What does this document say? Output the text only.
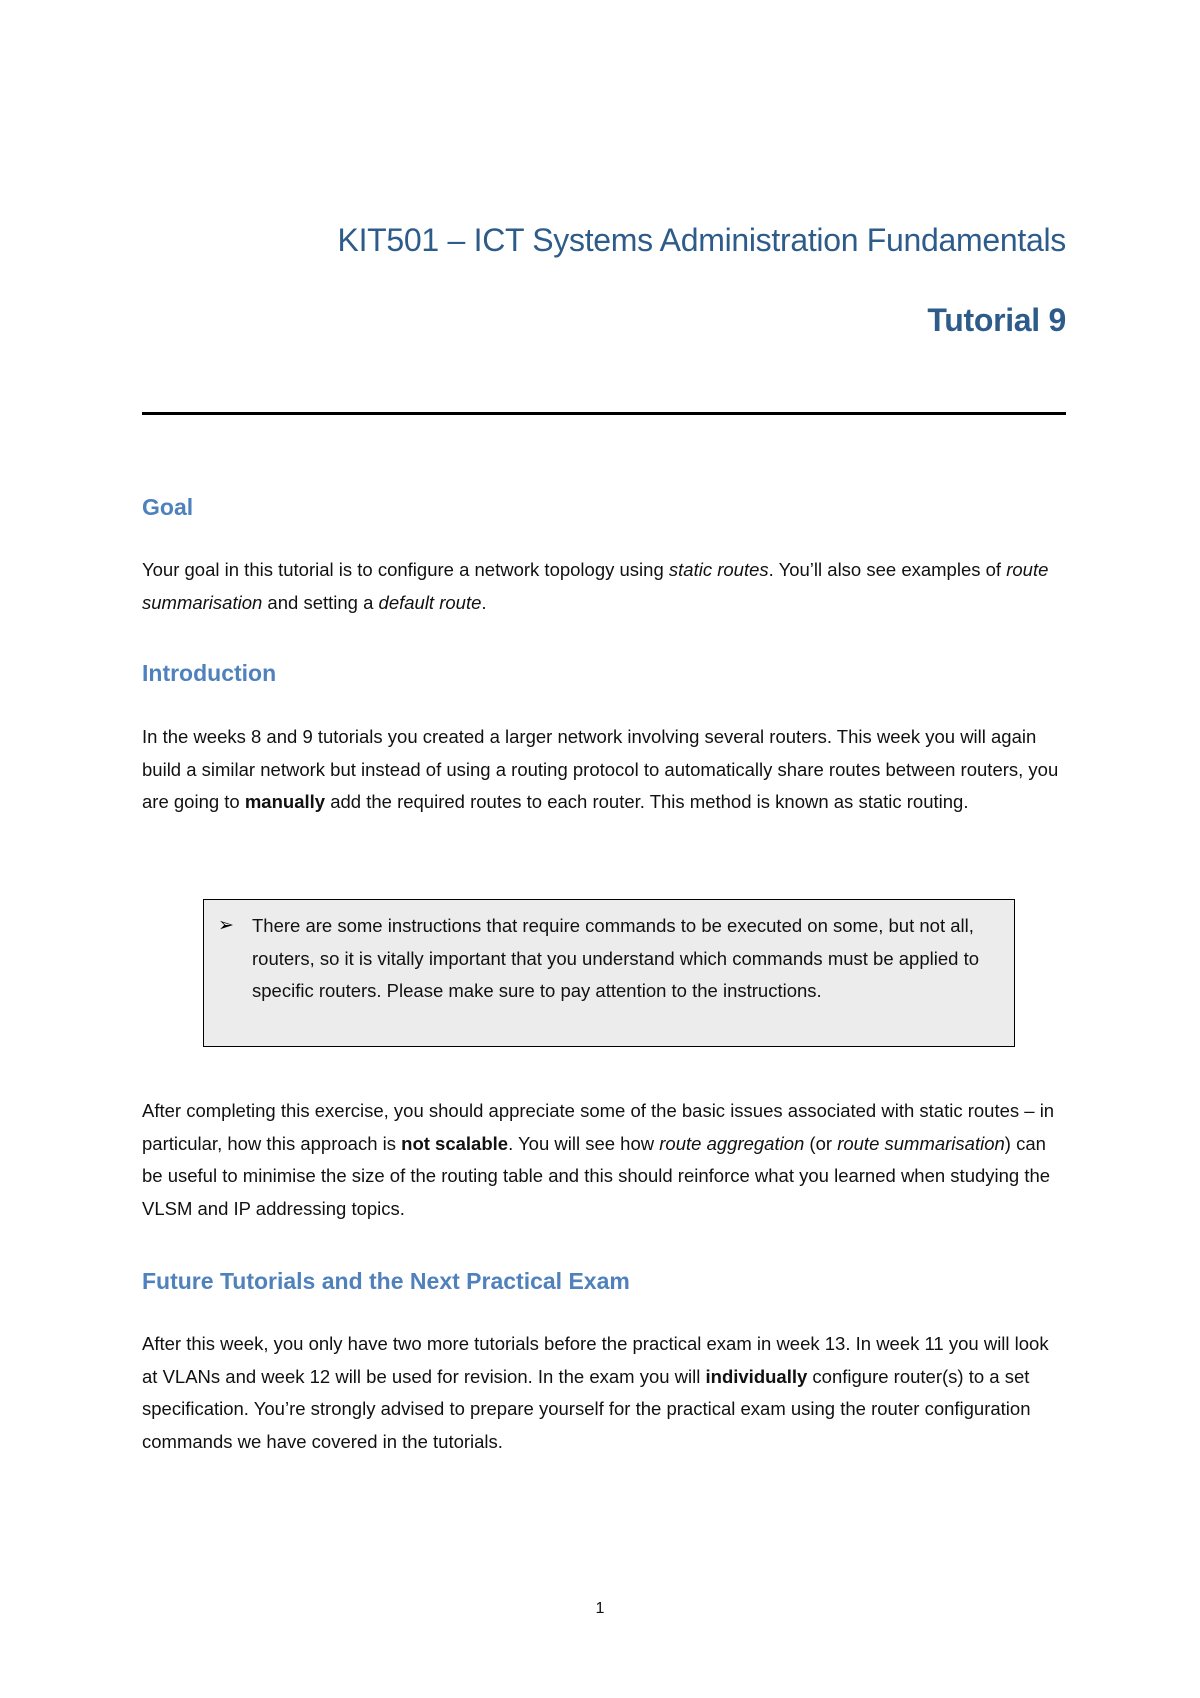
KIT501 – ICT Systems Administration Fundamentals
Tutorial 9
Goal

Your goal in this tutorial is to configure a network topology using static routes. You’ll also see examples of route summarisation and setting a default route.

Introduction

In the weeks 8 and 9 tutorials you created a larger network involving several routers. This week you will again build a similar network but instead of using a routing protocol to automatically share routes between routers, you are going to manually add the required routes to each router. This method is known as static routing.

➢ There are some instructions that require commands to be executed on some, but not all, routers, so it is vitally important that you understand which commands must be applied to specific routers. Please make sure to pay attention to the instructions.

After completing this exercise, you should appreciate some of the basic issues associated with static routes – in particular, how this approach is not scalable. You will see how route aggregation (or route summarisation) can be useful to minimise the size of the routing table and this should reinforce what you learned when studying the VLSM and IP addressing topics.

Future Tutorials and the Next Practical Exam

After this week, you only have two more tutorials before the practical exam in week 13. In week 11 you will look at VLANs and week 12 will be used for revision. In the exam you will individually configure router(s) to a set specification. You’re strongly advised to prepare yourself for the practical exam using the router configuration commands we have covered in the tutorials.

1
